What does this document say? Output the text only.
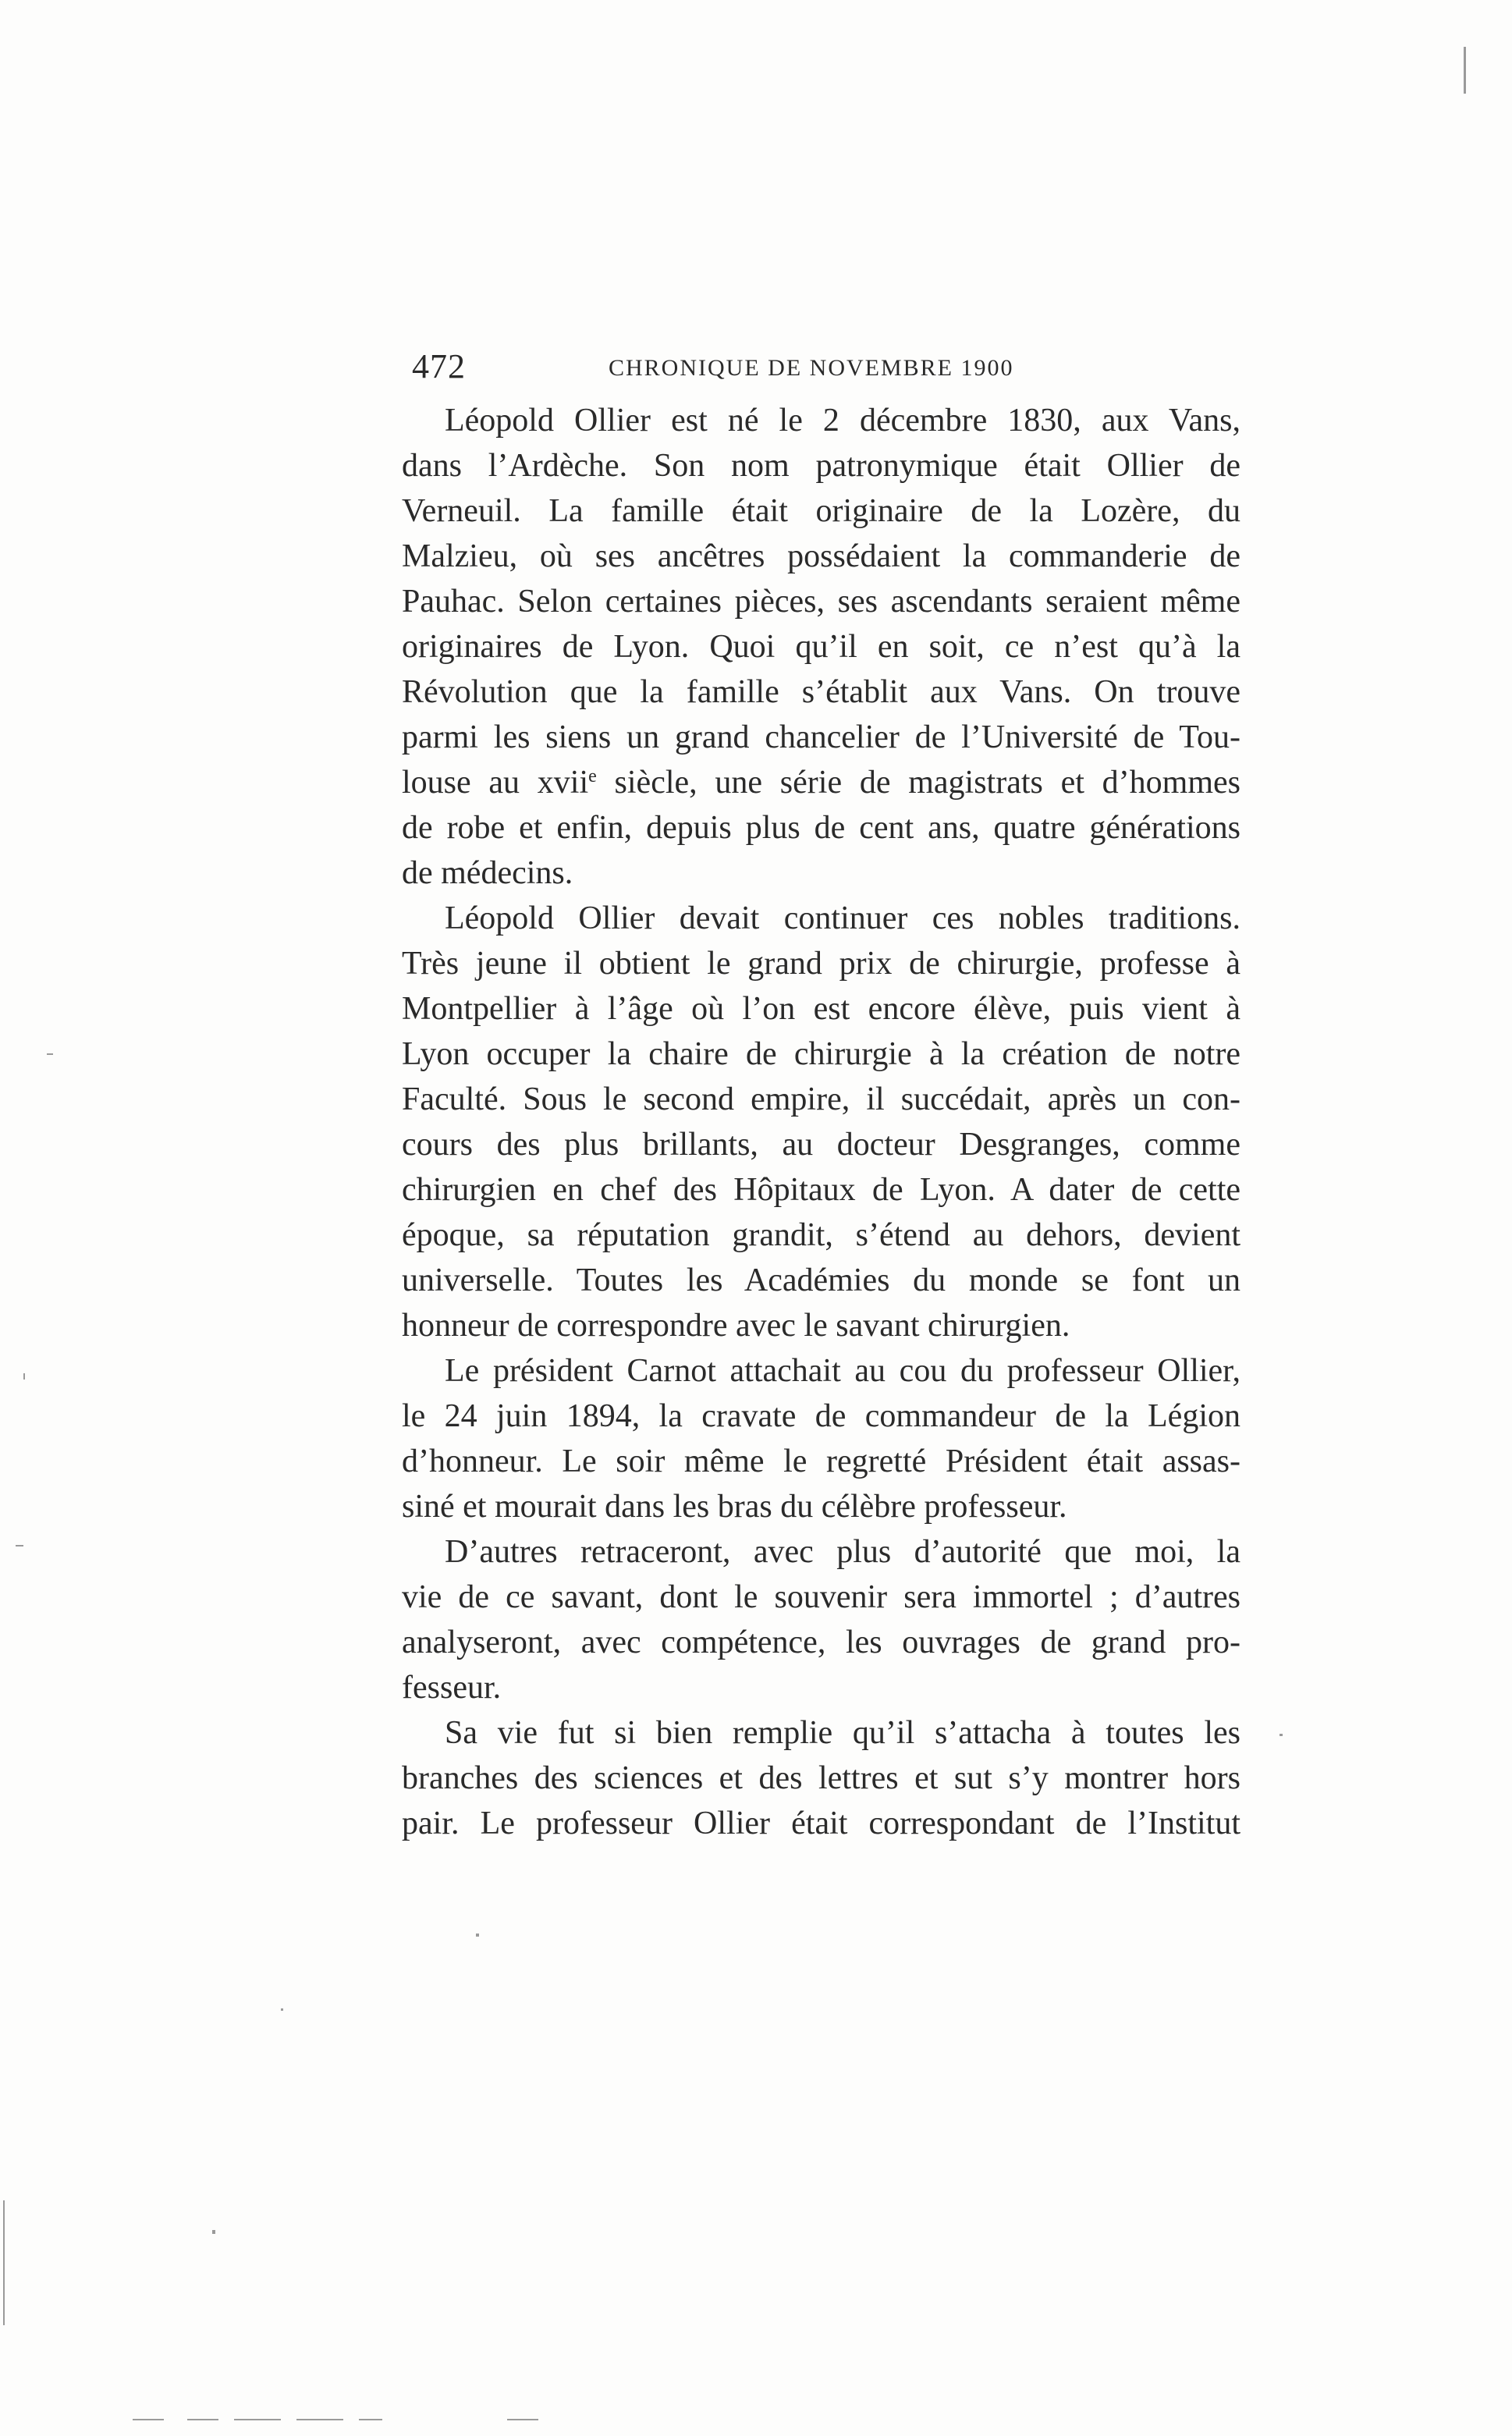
472	CHRONIQUE DE NOVEMBRE 1900
Léopold Ollier est né le 2 décembre 1830, aux Vans,
dans l’Ardèche. Son nom patronymique était Ollier de
Verneuil. La famille était originaire de la Lozère, du
Malzieu, où ses ancêtres possédaient la commanderie de
Pauhac. Selon certaines pièces, ses ascendants seraient même
originaires de Lyon. Quoi qu’il en soit, ce n’est qu’à la
Révolution que la famille s’établit aux Vans. On trouve
parmi les siens un grand chancelier de l’Université de Tou-
louse au xvii$^e$ siècle, une série de magistrats et d’hommes
de robe et enfin, depuis plus de cent ans, quatre générations
de médecins.
Léopold Ollier devait continuer ces nobles traditions.
Très jeune il obtient le grand prix de chirurgie, professe à
Montpellier à l’âge où l’on est encore élève, puis vient à
Lyon occuper la chaire de chirurgie à la création de notre
Faculté. Sous le second empire, il succédait, après un con-
cours des plus brillants, au docteur Desgranges, comme
chirurgien en chef des Hôpitaux de Lyon. A dater de cette
époque, sa réputation grandit, s’étend au dehors, devient
universelle. Toutes les Académies du monde se font un
honneur de correspondre avec le savant chirurgien.
Le président Carnot attachait au cou du professeur Ollier,
le 24 juin 1894, la cravate de commandeur de la Légion
d’honneur. Le soir même le regretté Président était assas-
siné et mourait dans les bras du célèbre professeur.
D’autres retraceront, avec plus d’autorité que moi, la
vie de ce savant, dont le souvenir sera immortel ; d’autres
analyseront, avec compétence, les ouvrages de grand pro-
fesseur.
Sa vie fut si bien remplie qu’il s’attacha à toutes les
branches des sciences et des lettres et sut s’y montrer hors
pair. Le professeur Ollier était correspondant de l’Institut
